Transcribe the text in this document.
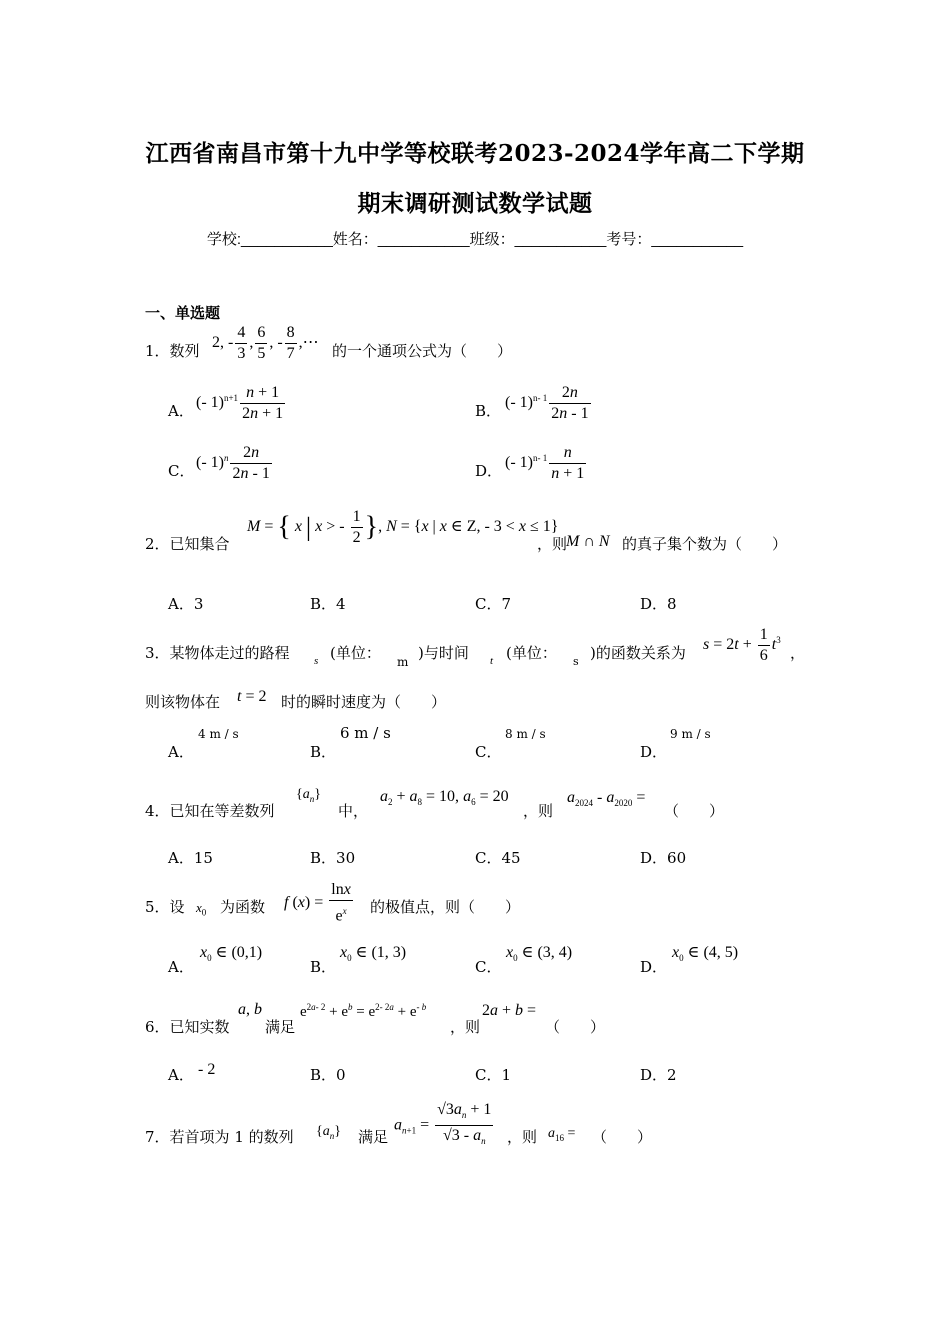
江西省南昌市第十九中学等校联考2023-2024学年高二下学期
期末调研测试数学试题
学校:___________姓名：___________班级：___________考号：___________
一、单选题
1．数列 2, - $\frac{4}{3}$ , $\frac{6}{5}$ , - $\frac{8}{7}$ ,⋯ 的一个通项公式为（　　）
A． (- $1)^{n+1} \frac{n + 1}{2n + 1}$	B． (- $1)^{n- 1} \frac{2n}{2n - 1}$
C． (- $1)^n \frac{2n}{2n - 1}$	D． (- $1)^{n- 1} \frac{n}{n + 1}$
2．已知集合
M = { x | x > - $\frac{1}{2}$ }, N = {x | x ∈ Z, - 3 < x ≤ 1}
，则
M ∩ N 的真子集个数为（　　）
A．3	B．4	C．7	D．8
3．某物体走过的路程 s (单位： m )与时间 t (单位： s )的函数关系为 $s = 2t + \frac{1}{6} t^3$
，
则该物体在 t = 2 时的瞬时速度为（　　）
A．
4 m / s
B．
6 m / s
C．
8 m / s
D．
9 m / s
4．已知在等差数列
$\{a_n\}$
中，
$a_2 + a_8 = 10$, $a_6 = 20$
，则
$a_{2024} - a_{2020}$ =
（　　）
A．15	B．30	C．45	D．60
5．设 $x_0$ 为函数 f $(x) = \frac{\ln x}{e^x}$ 的极值点，则（　　）
A．
$x_0$ ∈ (0,1)
B．
$x_0$ ∈ (1, 3)
C．
$x_0$ ∈ (3, 4)
D．
$x_0$ ∈ (4, 5)
6．已知实数
a, b
满足
$e^{2a- 2} + e^b = e^{2- 2a} + e^{- b}$
，则
2a + b =
（　　）
A． - 2	B．0	C．1	D．2
7．若首项为 1 的数列 $\{a_n\}$ 满足
$a_{n+1} = \frac{√3a_n + 1}{√3 - a_n}$ ，则 $a_{16}$ = （　　）
